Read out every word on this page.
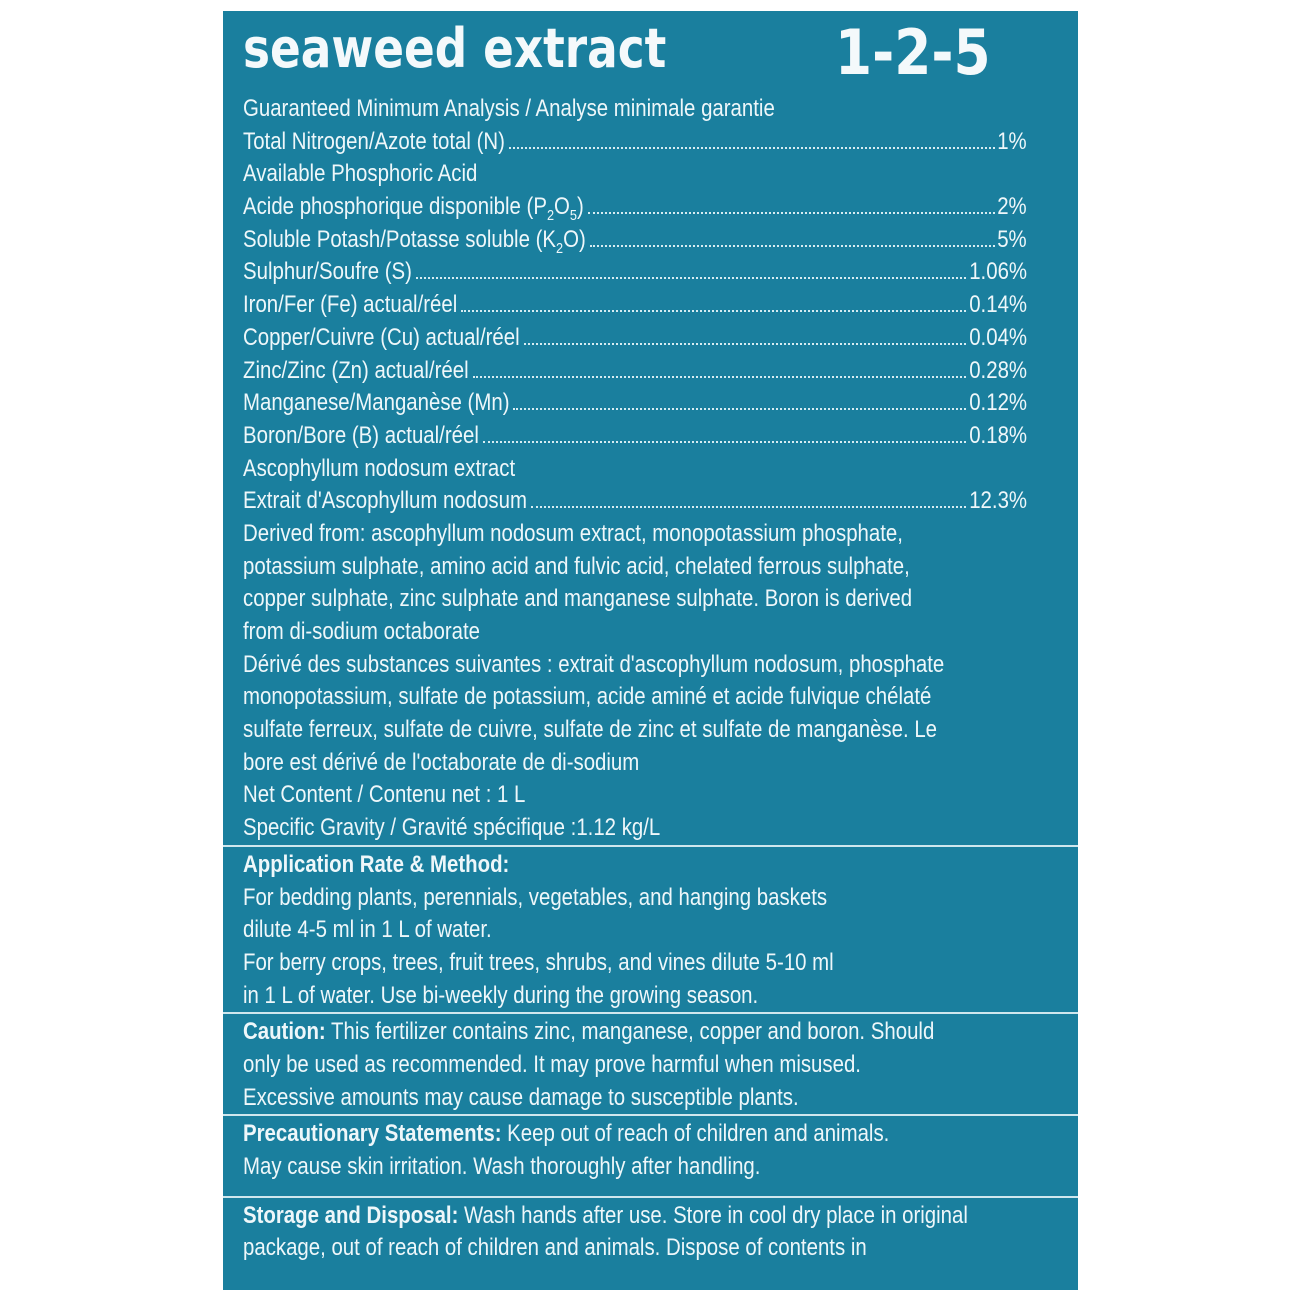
seaweed extract	1-2-5
Guaranteed Minimum Analysis / Analyse minimale garantie
Total Nitrogen/Azote total (N)	1%
Available Phosphoric Acid
Acide phosphorique disponible $(P_2O_5)$	2%
Soluble Potash/Potasse soluble $(K_2O)$	5%
Sulphur/Soufre (S)	1.06%
Iron/Fer (Fe) actual/réel	0.14%
Copper/Cuivre (Cu) actual/réel	0.04%
Zinc/Zinc (Zn) actual/réel	0.28%
Manganese/Manganèse (Mn)	0.12%
Boron/Bore (B) actual/réel	0.18%
Ascophyllum nodosum extract
Extrait d'Ascophyllum nodosum	12.3%
Derived from: ascophyllum nodosum extract, monopotassium phosphate,
potassium sulphate, amino acid and fulvic acid, chelated ferrous sulphate,
copper sulphate, zinc sulphate and manganese sulphate. Boron is derived
from di-sodium octaborate
Dérivé des substances suivantes : extrait d'ascophyllum nodosum, phosphate
monopotassium, sulfate de potassium, acide aminé et acide fulvique chélaté
sulfate ferreux, sulfate de cuivre, sulfate de zinc et sulfate de manganèse. Le
bore est dérivé de l'octaborate de di-sodium
Net Content / Contenu net : 1 L
Specific Gravity / Gravité spécifique :1.12 kg/L
Application Rate & Method:
For bedding plants, perennials, vegetables, and hanging baskets
dilute 4-5 ml in 1 L of water.
For berry crops, trees, fruit trees, shrubs, and vines dilute 5-10 ml
in 1 L of water. Use bi-weekly during the growing season.
Caution: This fertilizer contains zinc, manganese, copper and boron. Should
only be used as recommended. It may prove harmful when misused.
Excessive amounts may cause damage to susceptible plants.
Precautionary Statements: Keep out of reach of children and animals.
May cause skin irritation. Wash thoroughly after handling.
Storage and Disposal: Wash hands after use. Store in cool dry place in original
package, out of reach of children and animals. Dispose of contents in
